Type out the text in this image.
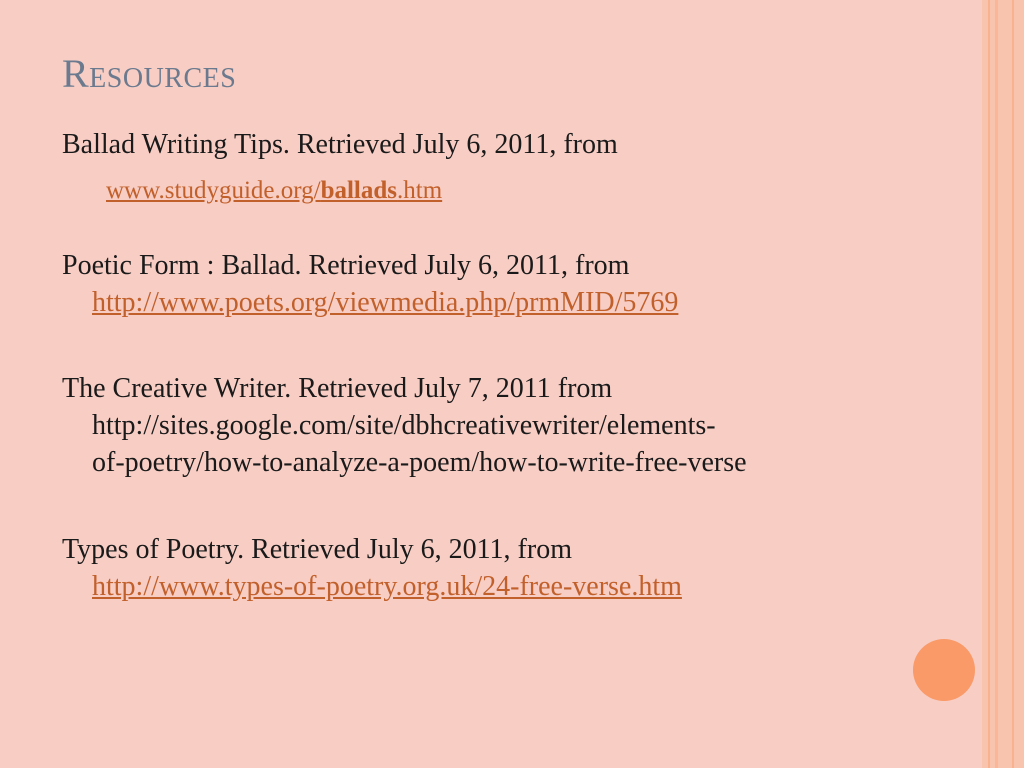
Resources

Ballad Writing Tips. Retrieved July 6, 2011, from
www.studyguide.org/ballads.htm

Poetic Form : Ballad. Retrieved July 6, 2011, from
http://www.poets.org/viewmedia.php/prmMID/5769

The Creative Writer. Retrieved July 7, 2011 from
http://sites.google.com/site/dbhcreativewriter/elements-
of-poetry/how-to-analyze-a-poem/how-to-write-free-verse

Types of Poetry. Retrieved July 6, 2011, from
http://www.types-of-poetry.org.uk/24-free-verse.htm
